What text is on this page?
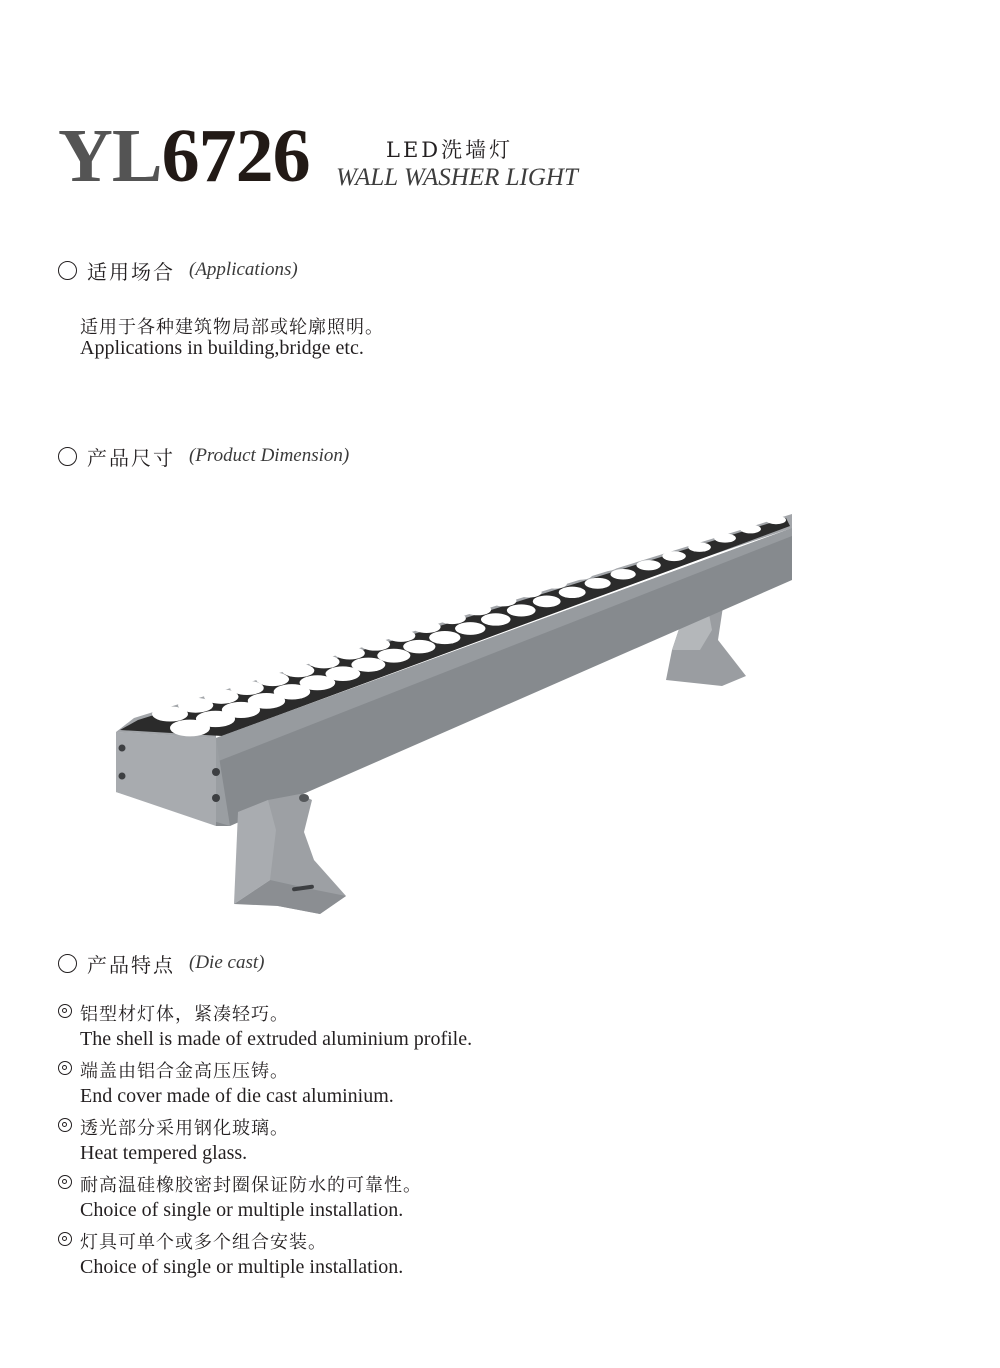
YL6726	LED洗墙灯
WALL WASHER LIGHT
适用场合 (Applications)
适用于各种建筑物局部或轮廓照明。
Applications in building,bridge etc.
产品尺寸 (Product Dimension)
产品特点 (Die cast)
铝型材灯体，紧凑轻巧。
The shell is made of extruded aluminium profile.
端盖由铝合金高压压铸。
End cover made of die cast aluminium.
透光部分采用钢化玻璃。
Heat tempered glass.
耐高温硅橡胶密封圈保证防水的可靠性。
Choice of single or multiple installation.
灯具可单个或多个组合安装。
Choice of single or multiple installation.
